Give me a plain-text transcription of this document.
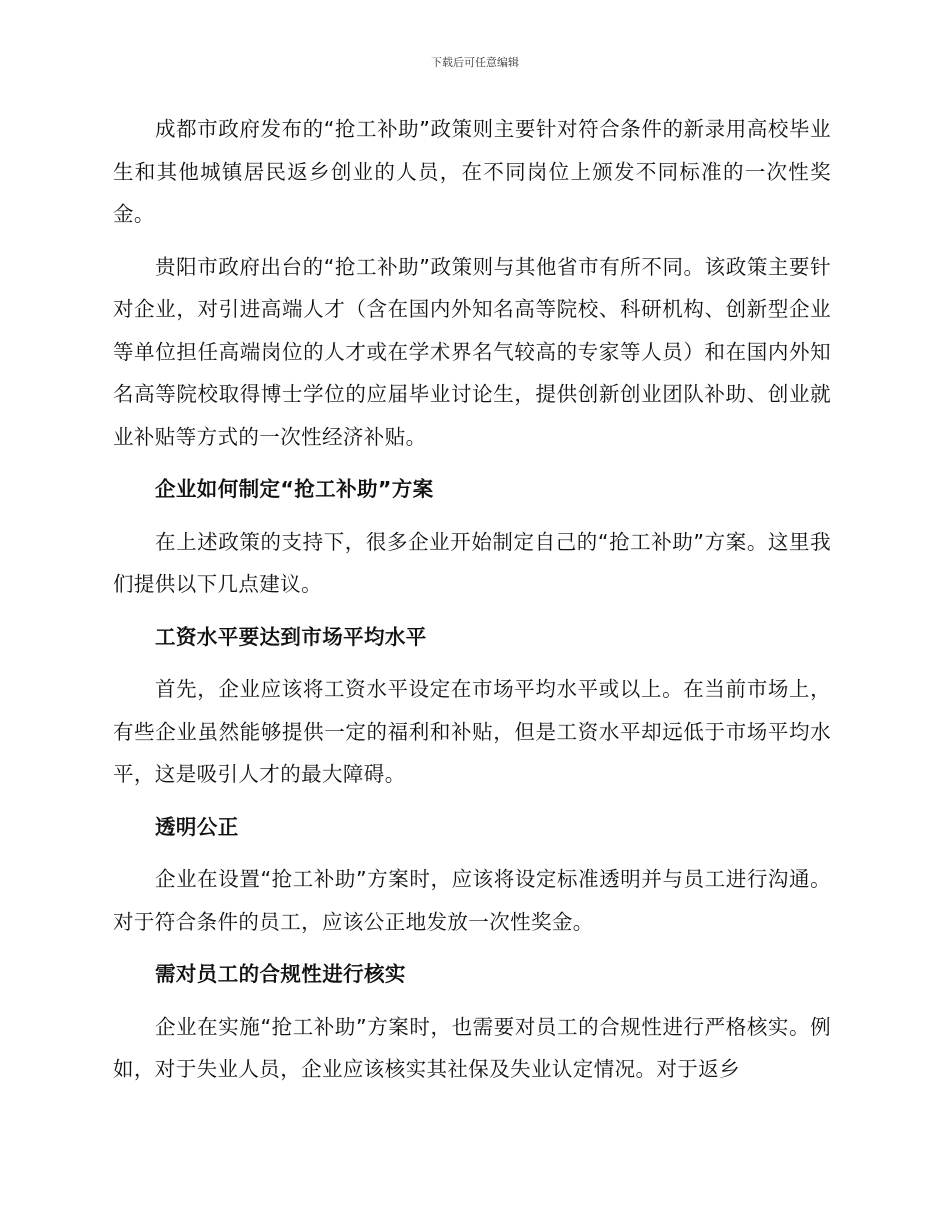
下载后可任意编辑

成都市政府发布的“抢工补助”政策则主要针对符合条件的新录用高校毕业生和其他城镇居民返乡创业的人员，在不同岗位上颁发不同标准的一次性奖金。

贵阳市政府出台的“抢工补助”政策则与其他省市有所不同。该政策主要针对企业，对引进高端人才（含在国内外知名高等院校、科研机构、创新型企业等单位担任高端岗位的人才或在学术界名气较高的专家等人员）和在国内外知名高等院校取得博士学位的应届毕业讨论生，提供创新创业团队补助、创业就业补贴等方式的一次性经济补贴。

企业如何制定“抢工补助”方案

在上述政策的支持下，很多企业开始制定自己的“抢工补助”方案。这里我们提供以下几点建议。

工资水平要达到市场平均水平

首先，企业应该将工资水平设定在市场平均水平或以上。在当前市场上，有些企业虽然能够提供一定的福利和补贴，但是工资水平却远低于市场平均水平，这是吸引人才的最大障碍。

透明公正

企业在设置“抢工补助”方案时，应该将设定标准透明并与员工进行沟通。对于符合条件的员工，应该公正地发放一次性奖金。

需对员工的合规性进行核实

企业在实施“抢工补助”方案时，也需要对员工的合规性进行严格核实。例如，对于失业人员，企业应该核实其社保及失业认定情况。对于返乡
